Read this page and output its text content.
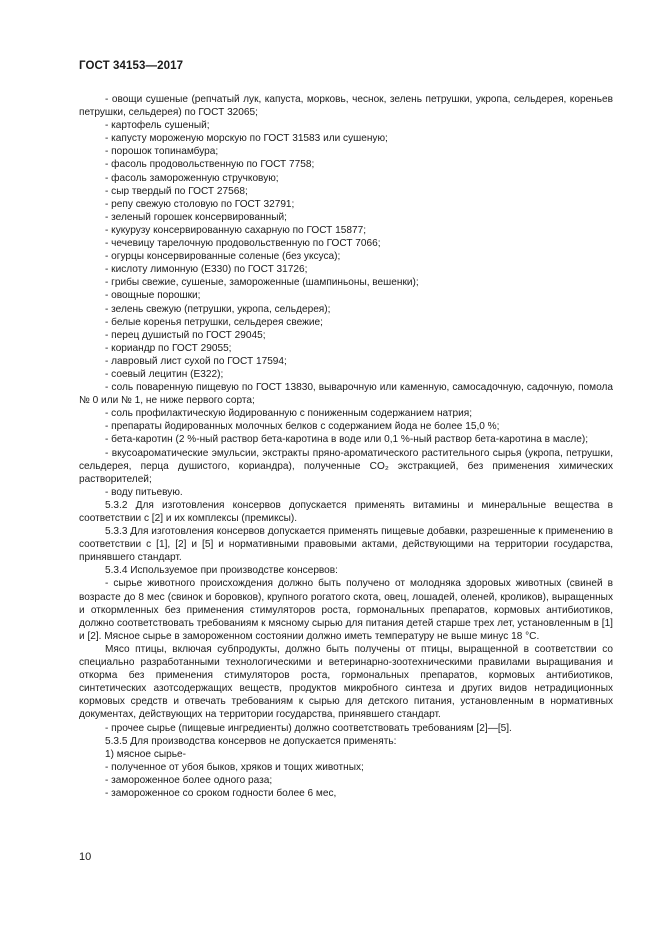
ГОСТ 34153—2017

- овощи сушеные (репчатый лук, капуста, морковь, чеснок, зелень петрушки, укропа, сельдерея, кореньев петрушки, сельдерея) по ГОСТ 32065;

- картофель сушеный;

- капусту мороженую морскую по ГОСТ 31583 или сушеную;

- порошок топинамбура;

- фасоль продовольственную по ГОСТ 7758;

- фасоль замороженную стручковую;

- сыр твердый по ГОСТ 27568;

- репу свежую столовую по ГОСТ 32791;

- зеленый горошек консервированный;

- кукурузу консервированную сахарную по ГОСТ 15877;

- чечевицу тарелочную продовольственную по ГОСТ 7066;

- огурцы консервированные соленые (без уксуса);

- кислоту лимонную (Е330) по ГОСТ 31726;

- грибы свежие, сушеные, замороженные (шампиньоны, вешенки);

- овощные порошки;

- зелень свежую (петрушки, укропа, сельдерея);

- белые коренья петрушки, сельдерея свежие;

- перец душистый по ГОСТ 29045;

- кориандр по ГОСТ 29055;

- лавровый лист сухой по ГОСТ 17594;

- соевый лецитин (Е322);

- соль поваренную пищевую по ГОСТ 13830, выварочную или каменную, самосадочную, садочную, помола № 0 или № 1, не ниже первого сорта;

- соль профилактическую йодированную с пониженным содержанием натрия;

- препараты йодированных молочных белков с содержанием йода не более 15,0 %;

- бета-каротин (2 %-ный раствор бета-каротина в воде или 0,1 %-ный раствор бета-каротина в масле);

- вкусоароматические эмульсии, экстракты пряно-ароматического растительного сырья (укропа, петрушки, сельдерея, перца душистого, кориандра), полученные CO₂ экстракцией, без применения химических растворителей;

- воду питьевую.

5.3.2 Для изготовления консервов допускается применять витамины и минеральные вещества в соответствии с [2] и их комплексы (премиксы).

5.3.3 Для изготовления консервов допускается применять пищевые добавки, разрешенные к применению в соответствии с [1], [2] и [5] и нормативными правовыми актами, действующими на территории государства, принявшего стандарт.

5.3.4 Используемое при производстве консервов:

- сырье животного происхождения должно быть получено от молодняка здоровых животных (свиней в возрасте до 8 мес (свинок и боровков), крупного рогатого скота, овец, лошадей, оленей, кроликов), выращенных и откормленных без применения стимуляторов роста, гормональных препаратов, кормовых антибиотиков, должно соответствовать требованиям к мясному сырью для питания детей старше трех лет, установленным в [1] и [2]. Мясное сырье в замороженном состоянии должно иметь температуру не выше минус 18 °С.

Мясо птицы, включая субпродукты, должно быть получены от птицы, выращенной в соответствии со специально разработанными технологическими и ветеринарно-зоотехническими правилами выращивания и откорма без применения стимуляторов роста, гормональных препаратов, кормовых антибиотиков, синтетических азотсодержащих веществ, продуктов микробного синтеза и других видов нетрадиционных кормовых средств и отвечать требованиям к сырью для детского питания, установленным в нормативных документах, действующих на территории государства, принявшего стандарт.

- прочее сырье (пищевые ингредиенты) должно соответствовать требованиям [2]—[5].

5.3.5 Для производства консервов не допускается применять:

1) мясное сырье-

- полученное от убоя быков, хряков и тощих животных;

- замороженное более одного раза;

- замороженное со сроком годности более 6 мес,

10
